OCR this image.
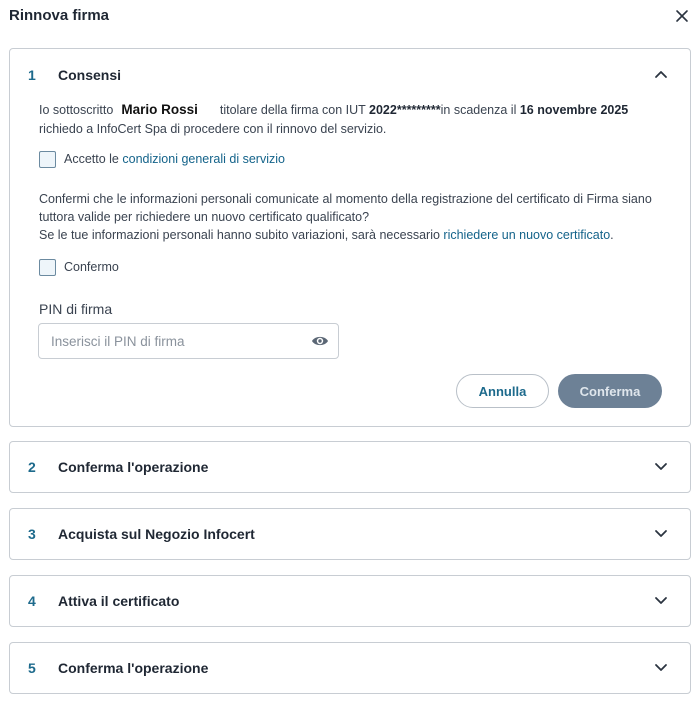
Rinnova firma
1 Consensi
Io sottoscritto Mario Rossi titolare della firma con IUT 2022*********in scadenza il 16 novembre 2025 richiedo a InfoCert Spa di procedere con il rinnovo del servizio.
Accetto le
condizioni generali di servizio
Confermi che le informazioni personali comunicate al momento della registrazione del certificato di Firma siano tuttora valide per richiedere un nuovo certificato qualificato?
Se le tue informazioni personali hanno subito variazioni, sarà necessario richiedere un nuovo certificato.
Confermo
PIN di firma
Annulla	Conferma
2 Conferma l'operazione
3 Acquista sul Negozio Infocert
4 Attiva il certificato
5 Conferma l'operazione
